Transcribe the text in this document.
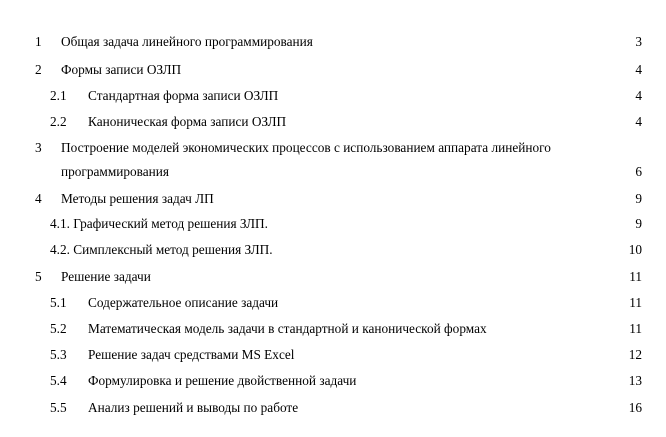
1 Общая задача линейного программирования	3
2 Формы записи ОЗЛП	4
2.1 Стандартная форма записи ОЗЛП	4
2.2 Каноническая форма записи ОЗЛП	4
3 Построение моделей экономических процессов с использованием аппарата линейного
программирования	6
4 Методы решения задач ЛП	9
4.1. Графический метод решения ЗЛП.	9
4.2. Симплексный метод решения ЗЛП.	10
5 Решение задачи	11
5.1 Содержательное описание задачи	11
5.2 Математическая модель задачи в стандартной и канонической формах	11
5.3 Решение задач средствами MS Excel	12
5.4 Формулировка и решение двойственной задачи	13
5.5 Анализ решений и выводы по работе	16
